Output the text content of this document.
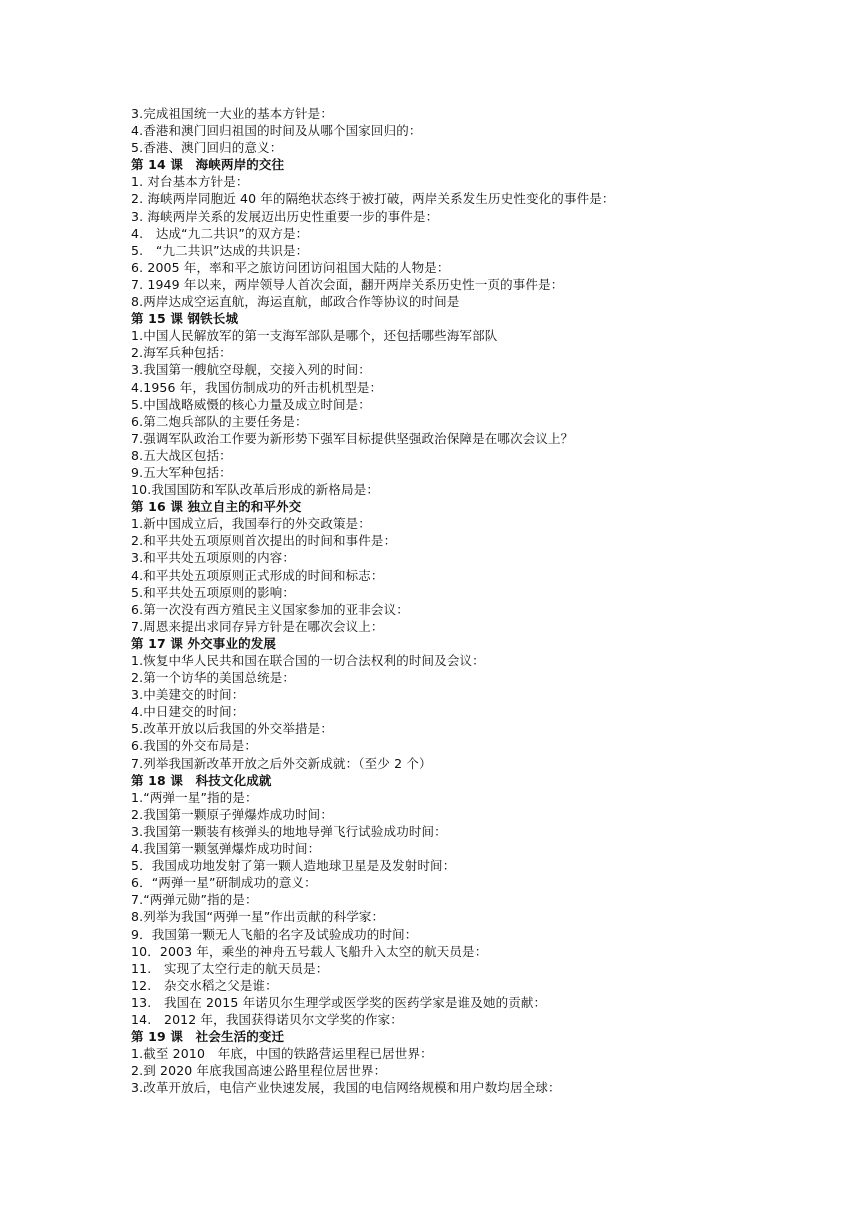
3.完成祖国统一大业的基本方针是：
4.香港和澳门回归祖国的时间及从哪个国家回归的：
5.香港、澳门回归的意义：
第 14 课　海峡两岸的交往
1. 对台基本方针是：
2. 海峡两岸同胞近 40 年的隔绝状态终于被打破，两岸关系发生历史性变化的事件是：
3. 海峡两岸关系的发展迈出历史性重要一步的事件是：
4.　达成“九二共识”的双方是：
5.　“九二共识”达成的共识是：
6. 2005 年，率和平之旅访问团访问祖国大陆的人物是：
7. 1949 年以来，两岸领导人首次会面，翻开两岸关系历史性一页的事件是：
8.两岸达成空运直航，海运直航，邮政合作等协议的时间是
第 15 课 钢铁长城
1.中国人民解放军的第一支海军部队是哪个，还包括哪些海军部队
2.海军兵种包括：
3.我国第一艘航空母舰，交接入列的时间：
4.1956 年，我国仿制成功的歼击机机型是：
5.中国战略威慑的核心力量及成立时间是：
6.第二炮兵部队的主要任务是：
7.强调军队政治工作要为新形势下强军目标提供坚强政治保障是在哪次会议上？
8.五大战区包括：
9.五大军种包括：
10.我国国防和军队改革后形成的新格局是：
第 16 课 独立自主的和平外交
1.新中国成立后，我国奉行的外交政策是：
2.和平共处五项原则首次提出的时间和事件是：
3.和平共处五项原则的内容：
4.和平共处五项原则正式形成的时间和标志：
5.和平共处五项原则的影响：
6.第一次没有西方殖民主义国家参加的亚非会议：
7.周恩来提出求同存异方针是在哪次会议上：
第 17 课 外交事业的发展
1.恢复中华人民共和国在联合国的一切合法权利的时间及会议：
2.第一个访华的美国总统是：
3.中美建交的时间：
4.中日建交的时间：
5.改革开放以后我国的外交举措是：
6.我国的外交布局是：
7.列举我国新改革开放之后外交新成就：（至少 2 个）
第 18 课　科技文化成就
1.“两弹一星”指的是：
2.我国第一颗原子弹爆炸成功时间：
3.我国第一颗装有核弹头的地地导弹飞行试验成功时间：
4.我国第一颗氢弹爆炸成功时间：
5．我国成功地发射了第一颗人造地球卫星是及发射时间：
6．“两弹一星”研制成功的意义：
7.“两弹元勋”指的是：
8.列举为我国“两弹一星”作出贡献的科学家：
9．我国第一颗无人飞船的名字及试验成功的时间：
10．2003 年，乘坐的神舟五号载人飞船升入太空的航天员是：
11.　实现了太空行走的航天员是：
12.　杂交水稻之父是谁：
13.　我国在 2015 年诺贝尔生理学或医学奖的医药学家是谁及她的贡献：
14.　2012 年，我国获得诺贝尔文学奖的作家：
第 19 课　社会生活的变迁
1.截至 2010　年底，中国的铁路营运里程已居世界：
2.到 2020 年底我国高速公路里程位居世界：
3.改革开放后，电信产业快速发展，我国的电信网络规模和用户数均居全球：
